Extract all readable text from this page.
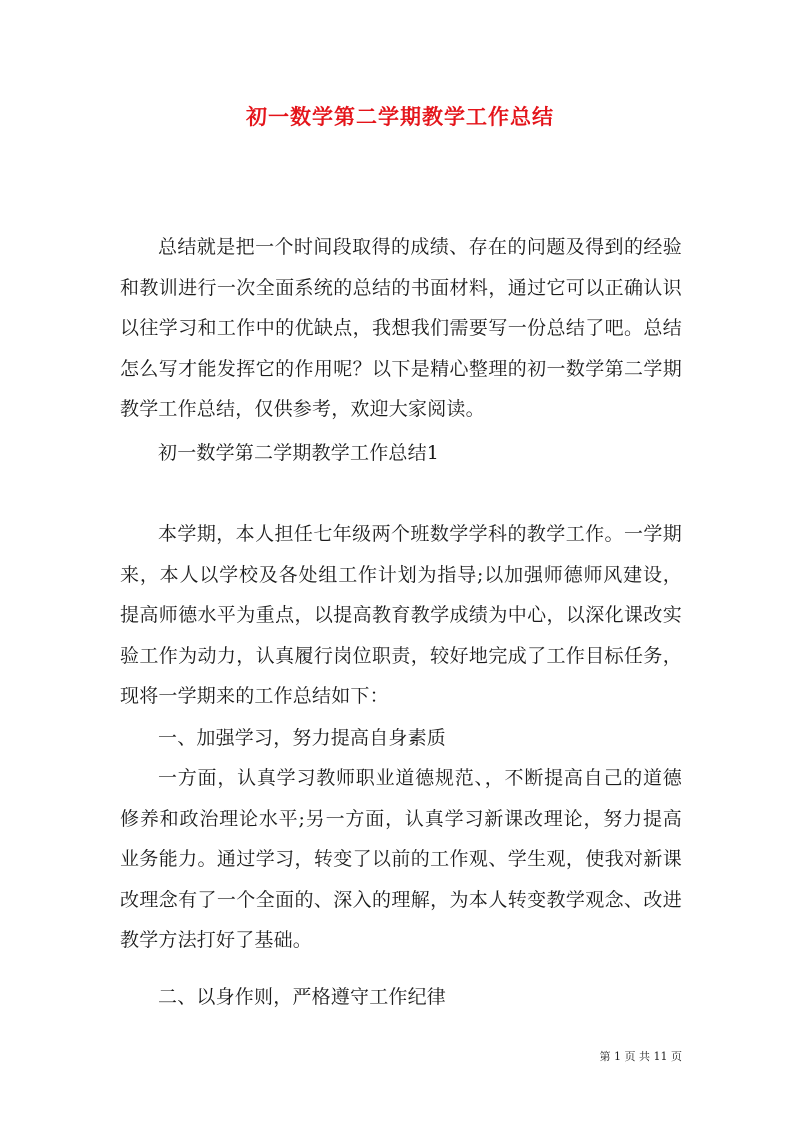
初一数学第二学期教学工作总结

总结就是把一个时间段取得的成绩、存在的问题及得到的经验和教训进行一次全面系统的总结的书面材料，通过它可以正确认识以往学习和工作中的优缺点，我想我们需要写一份总结了吧。总结怎么写才能发挥它的作用呢？以下是精心整理的初一数学第二学期教学工作总结，仅供参考，欢迎大家阅读。

初一数学第二学期教学工作总结1

本学期，本人担任七年级两个班数学学科的教学工作。一学期来，本人以学校及各处组工作计划为指导;以加强师德师风建设，提高师德水平为重点，以提高教育教学成绩为中心，以深化课改实验工作为动力，认真履行岗位职责，较好地完成了工作目标任务，现将一学期来的工作总结如下：

一、加强学习，努力提高自身素质

一方面，认真学习教师职业道德规范、，不断提高自己的道德修养和政治理论水平;另一方面，认真学习新课改理论，努力提高业务能力。通过学习，转变了以前的工作观、学生观，使我对新课改理念有了一个全面的、深入的理解，为本人转变教学观念、改进教学方法打好了基础。

二、以身作则，严格遵守工作纪律

第 1 页 共 11 页
